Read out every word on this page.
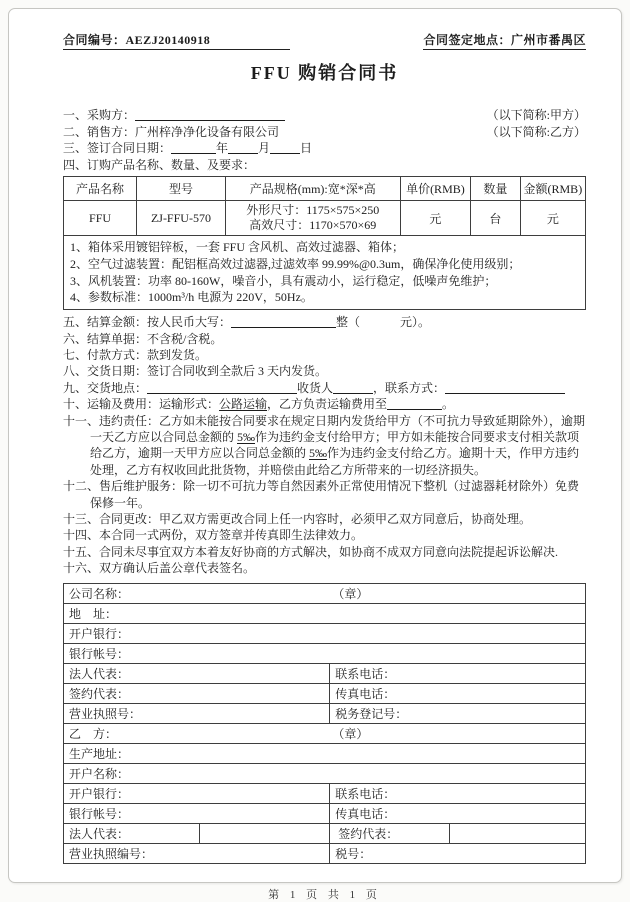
合同编号：AEZJ20140918	合同签定地点：广州市番禺区
FFU 购销合同书
一、采购方：	（以下简称:甲方）
二、销售方：广州梓净净化设备有限公司	（以下简称:乙方）
三、签订合同日期：	年	月	日
四、订购产品名称、数量、及要求：
产品名称	型号	产品规格(mm):宽*深*高	单价(RMB)	数量	金额(RMB)
FFU	ZJ-FFU-570	外形尺寸：1175×575×250
高效尺寸：1170×570×69	元	台	元

1、箱体采用镀铝锌板，一套 FFU 含风机、高效过滤器、箱体；
2、空气过滤装置：配铝框高效过滤器,过滤效率 99.99%@0.3um，确保净化使用级别；
3、风机装置：功率 80-160W，噪音小，具有震动小，运行稳定，低噪声免维护；
4、参数标准：1000m³/h 电源为 220V，50Hz。					
五、结算金额：按人民币大写：	整（	元）。
六、结算单据：不含税/含税。
七、付款方式：款到发货。
八、交货日期：签订合同收到全款后 3 天内发货。
九、交货地点：	收货人	，联系方式：
十、运输及费用：运输形式：公路运输，乙方负责运输费用至	。
十一、违约责任：乙方如未能按合同要求在规定日期内发货给甲方（不可抗力导致延期除外），逾期一天乙方应以合同总金额的 5‰作为违约金支付给甲方；甲方如未能按合同要求支付相关款项给乙方，逾期一天甲方应以合同总金额的 5‰作为违约金支付给乙方。逾期十天，作甲方违约处理，乙方有权收回此批货物，并赔偿由此给乙方所带来的一切经济损失。
十二、售后维护服务：除一切不可抗力等自然因素外正常使用情况下整机（过滤器耗材除外）免费保修一年。
十三、合同更改：甲乙双方需更改合同上任一内容时，必须甲乙双方同意后，协商处理。
十四、本合同一式两份，双方签章并传真即生法律效力。
十五、合同未尽事宜双方本着友好协商的方式解决，如协商不成双方同意向法院提起诉讼解决.
十六、双方确认后盖公章代表签名。
公司名称： （章）			

地    址：			
开户银行：			
银行帐号：			
法人代表：		联系电话：	
签约代表：		传真电话：	
营业执照号：		税务登记号：	
乙    方： （章）			

生产地址：			
开户名称：			
开户银行：		联系电话：	
银行帐号：		传真电话：	
法人代表：		签约代表：	
营业执照编号：		税号：	
第 1 页 共 1 页
